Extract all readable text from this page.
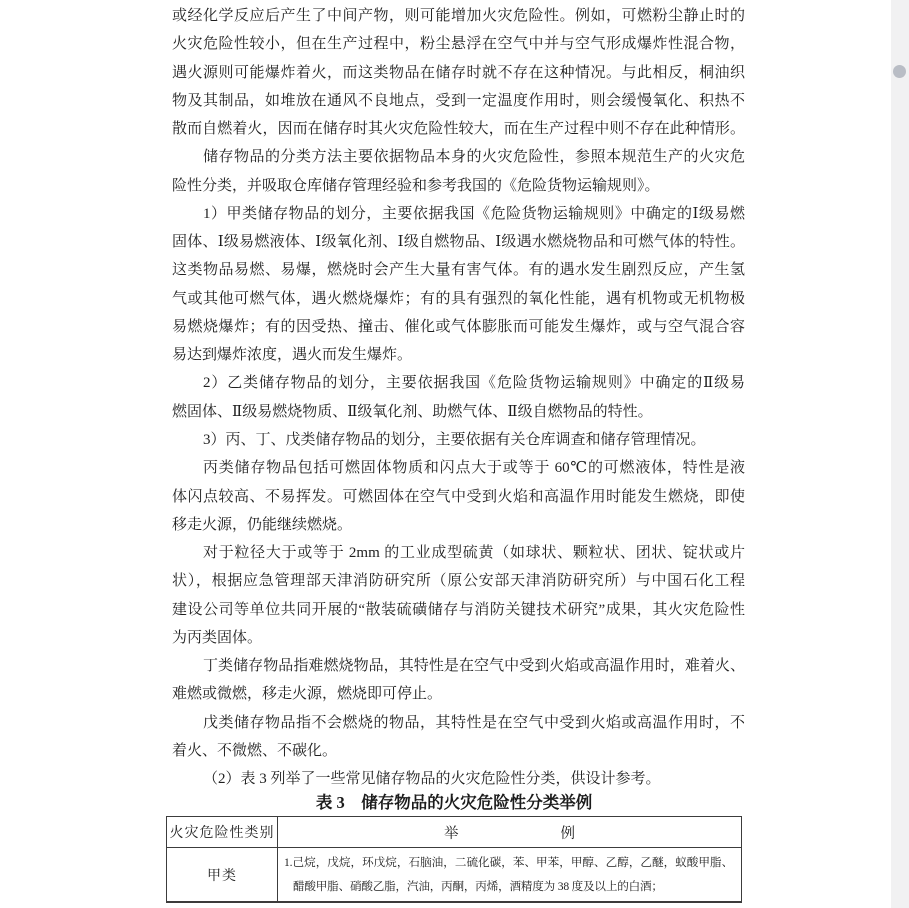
或经化学反应后产生了中间产物，则可能增加火灾危险性。例如，可燃粉尘静止时的
火灾危险性较小，但在生产过程中，粉尘悬浮在空气中并与空气形成爆炸性混合物，
遇火源则可能爆炸着火，而这类物品在储存时就不存在这种情况。与此相反，桐油织
物及其制品，如堆放在通风不良地点，受到一定温度作用时，则会缓慢氧化、积热不
散而自燃着火，因而在储存时其火灾危险性较大，而在生产过程中则不存在此种情形。
储存物品的分类方法主要依据物品本身的火灾危险性，参照本规范生产的火灾危
险性分类，并吸取仓库储存管理经验和参考我国的《危险货物运输规则》。
1）甲类储存物品的划分，主要依据我国《危险货物运输规则》中确定的Ⅰ级易燃
固体、Ⅰ级易燃液体、Ⅰ级氧化剂、Ⅰ级自燃物品、Ⅰ级遇水燃烧物品和可燃气体的特性。
这类物品易燃、易爆，燃烧时会产生大量有害气体。有的遇水发生剧烈反应，产生氢
气或其他可燃气体，遇火燃烧爆炸；有的具有强烈的氧化性能，遇有机物或无机物极
易燃烧爆炸；有的因受热、撞击、催化或气体膨胀而可能发生爆炸，或与空气混合容
易达到爆炸浓度，遇火而发生爆炸。
2）乙类储存物品的划分，主要依据我国《危险货物运输规则》中确定的Ⅱ级易
燃固体、Ⅱ级易燃烧物质、Ⅱ级氧化剂、助燃气体、Ⅱ级自燃物品的特性。
3）丙、丁、戊类储存物品的划分，主要依据有关仓库调查和储存管理情况。
丙类储存物品包括可燃固体物质和闪点大于或等于 60℃的可燃液体，特性是液
体闪点较高、不易挥发。可燃固体在空气中受到火焰和高温作用时能发生燃烧，即使
移走火源，仍能继续燃烧。
对于粒径大于或等于 2mm 的工业成型硫黄（如球状、颗粒状、团状、锭状或片
状），根据应急管理部天津消防研究所（原公安部天津消防研究所）与中国石化工程
建设公司等单位共同开展的“散装硫磺储存与消防关键技术研究”成果，其火灾危险性
为丙类固体。
丁类储存物品指难燃烧物品，其特性是在空气中受到火焰或高温作用时，难着火、
难燃或微燃，移走火源，燃烧即可停止。
戊类储存物品指不会燃烧的物品，其特性是在空气中受到火焰或高温作用时，不
着火、不微燃、不碳化。
（2）表 3 列举了一些常见储存物品的火灾危险性分类，供设计参考。
表 3　储存物品的火灾危险性分类举例
火灾危险性类别	举	例
甲类
1.己烷，戊烷，环戊烷，石脑油，二硫化碳，苯、甲苯，甲醇、乙醇，乙醚，蚁酸甲脂、
醋酸甲脂、硝酸乙脂，汽油，丙酮，丙烯，酒精度为 38 度及以上的白酒；
